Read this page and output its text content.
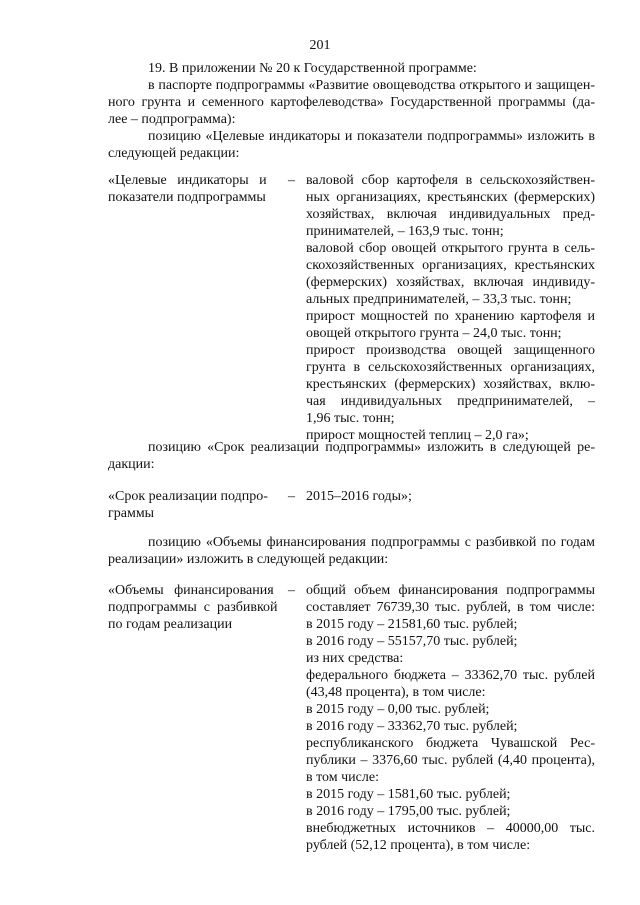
201
19. В приложении № 20 к Государственной программе:
в паспорте подпрограммы «Развитие овощеводства открытого и защищен-
ного грунта и семенного картофелеводства» Государственной программы (да-
лее – подпрограмма):
позицию «Целевые индикаторы и показатели подпрограммы» изложить в
следующей редакции:
«Целевые   индикаторы   и
показатели подпрограммы
– валовой сбор картофеля в сельскохозяйствен-
ных организациях, крестьянских (фермерских)
хозяйствах, включая индивидуальных пред-
принимателей, – 163,9 тыс. тонн;
валовой сбор овощей открытого грунта в сель-
скохозяйственных организациях, крестьянских
(фермерских) хозяйствах, включая индивиду-
альных предпринимателей, – 33,3 тыс. тонн;
прирост мощностей по хранению картофеля и
овощей открытого грунта – 24,0 тыс. тонн;
прирост производства овощей защищенного
грунта в сельскохозяйственных организациях,
крестьянских (фермерских) хозяйствах, вклю-
чая индивидуальных предпринимателей, –
1,96 тыс. тонн;
прирост мощностей теплиц – 2,0 га»;
позицию «Срок реализации подпрограммы» изложить в следующей ре-
дакции:
«Срок реализации подпро-
граммы
– 2015–2016 годы»;
позицию «Объемы финансирования подпрограммы с разбивкой по годам
реализации» изложить в следующей редакции:
«Объемы   финансирования
подпрограммы  с  разбивкой
по годам реализации
– общий объем финансирования подпрограммы
составляет 76739,30 тыс. рублей, в том числе:
в 2015 году – 21581,60 тыс. рублей;
в 2016 году – 55157,70 тыс. рублей;
из них средства:
федерального бюджета – 33362,70 тыс. рублей
(43,48 процента), в том числе:
в 2015 году – 0,00 тыс. рублей;
в 2016 году – 33362,70 тыс. рублей;
республиканского бюджета Чувашской Рес-
публики – 3376,60 тыс. рублей (4,40 процента),
в том числе:
в 2015 году – 1581,60 тыс. рублей;
в 2016 году – 1795,00 тыс. рублей;
внебюджетных источников – 40000,00 тыс.
рублей (52,12 процента), в том числе:
